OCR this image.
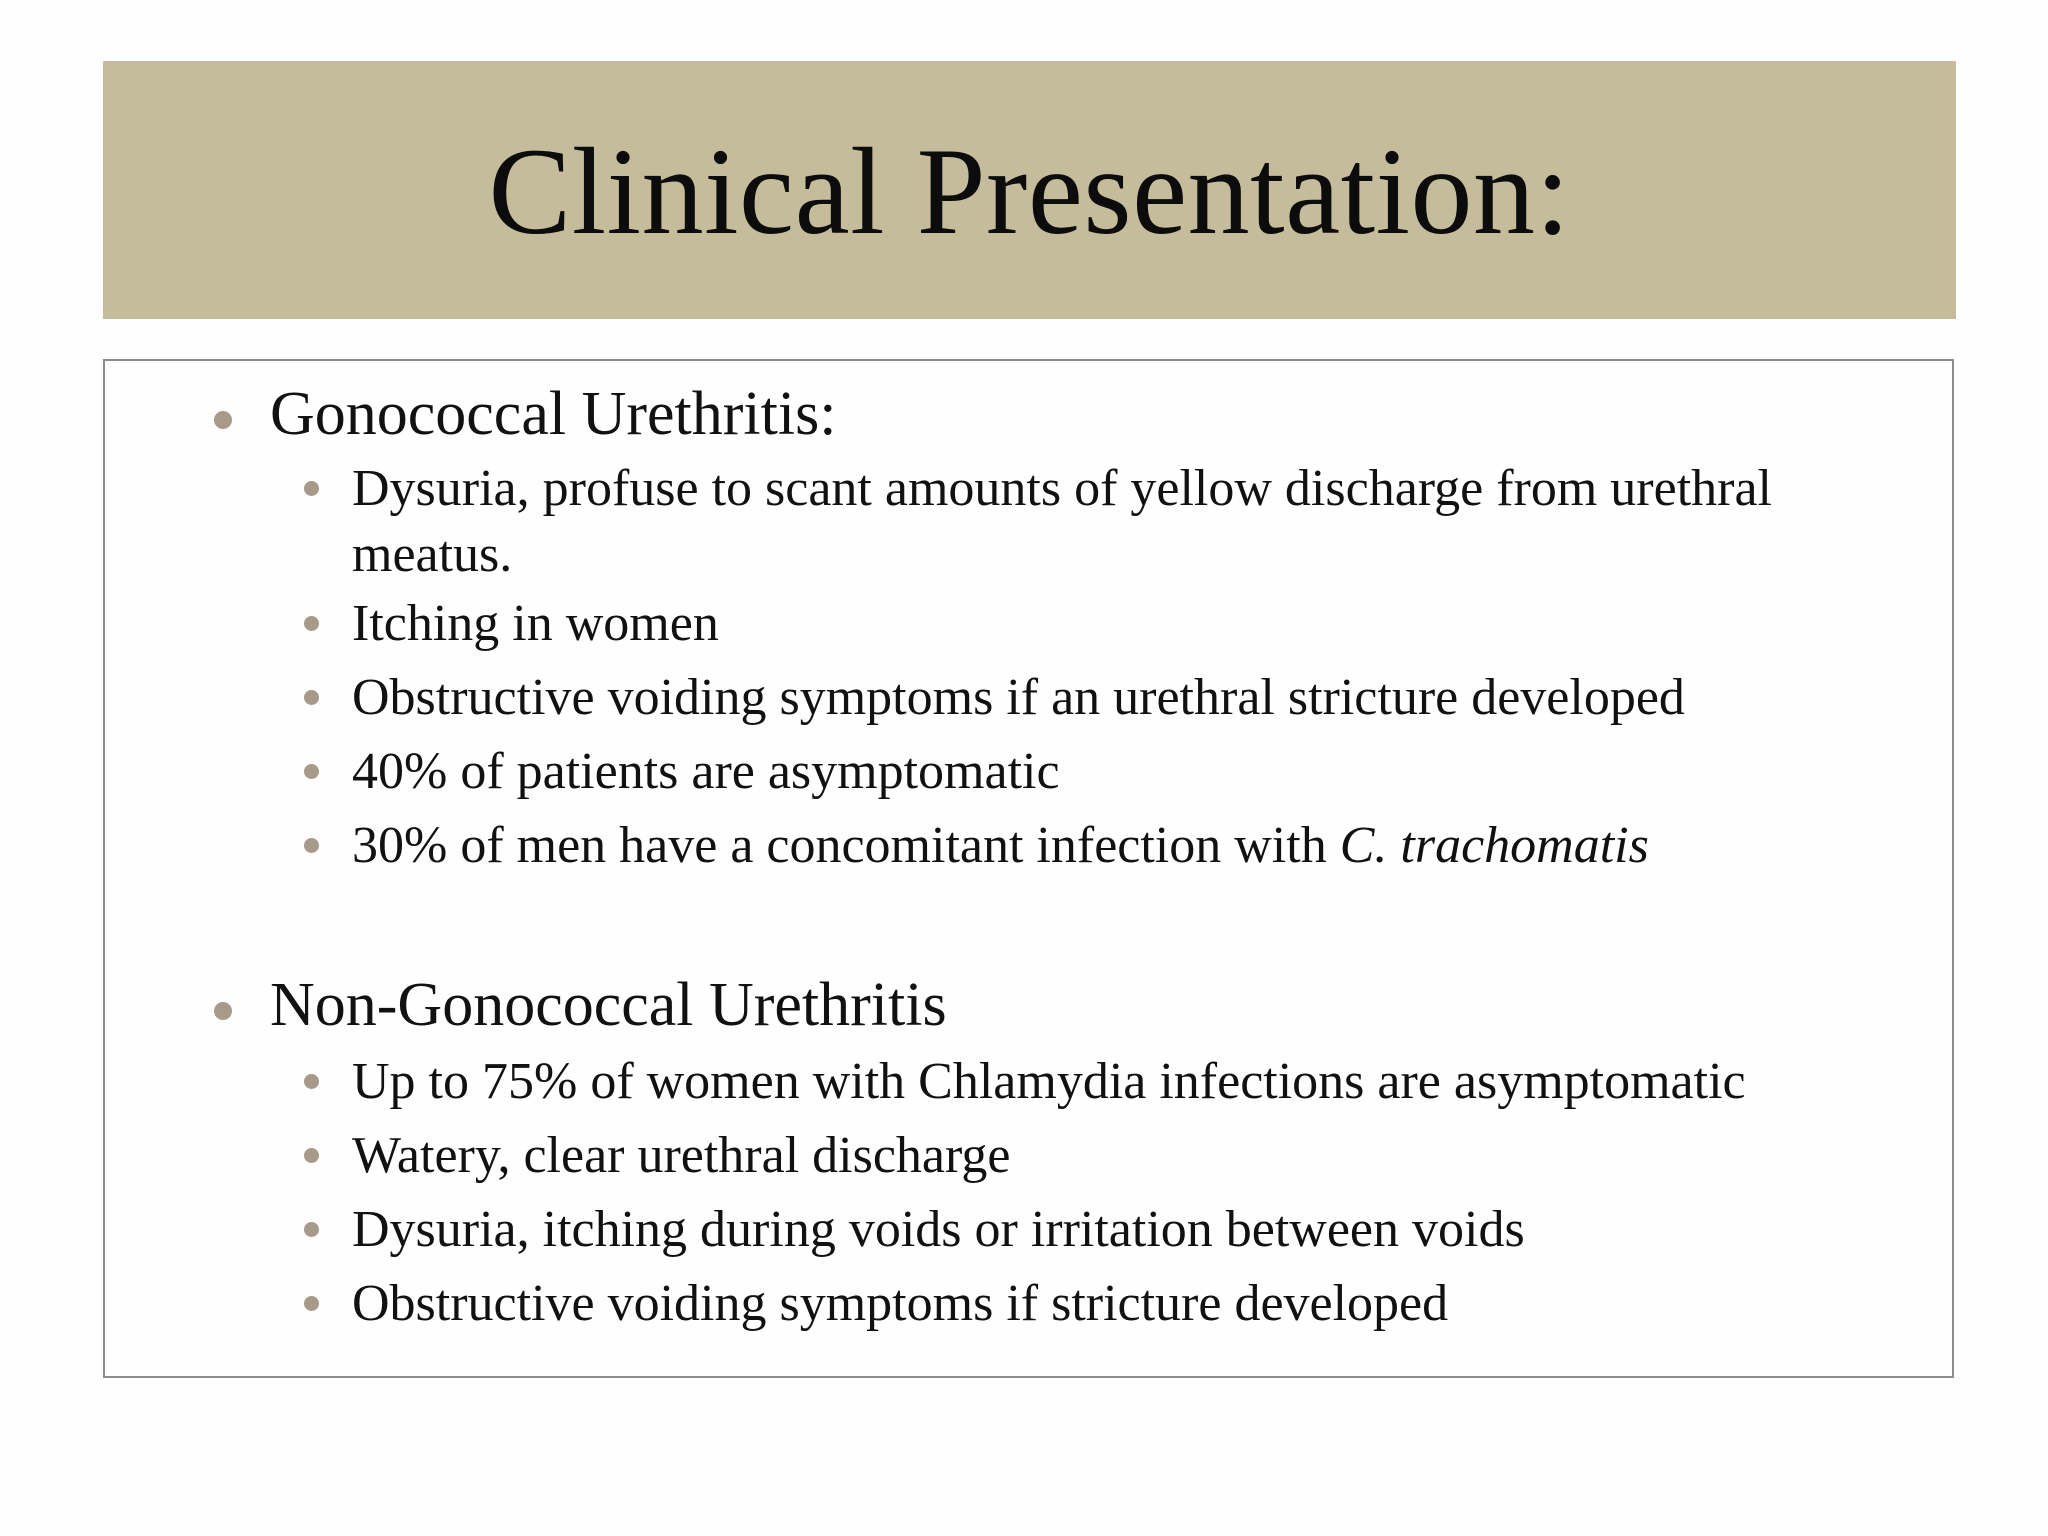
Clinical Presentation:
Gonococcal Urethritis:
Dysuria, profuse to scant amounts of yellow discharge from urethral meatus.
Itching in women
Obstructive voiding symptoms if an urethral stricture developed
40% of patients are asymptomatic
30% of men have a concomitant infection with C. trachomatis
Non-Gonococcal Urethritis
Up to 75% of women with Chlamydia infections are asymptomatic
Watery, clear urethral discharge
Dysuria, itching during voids or irritation between voids
Obstructive voiding symptoms if stricture developed
